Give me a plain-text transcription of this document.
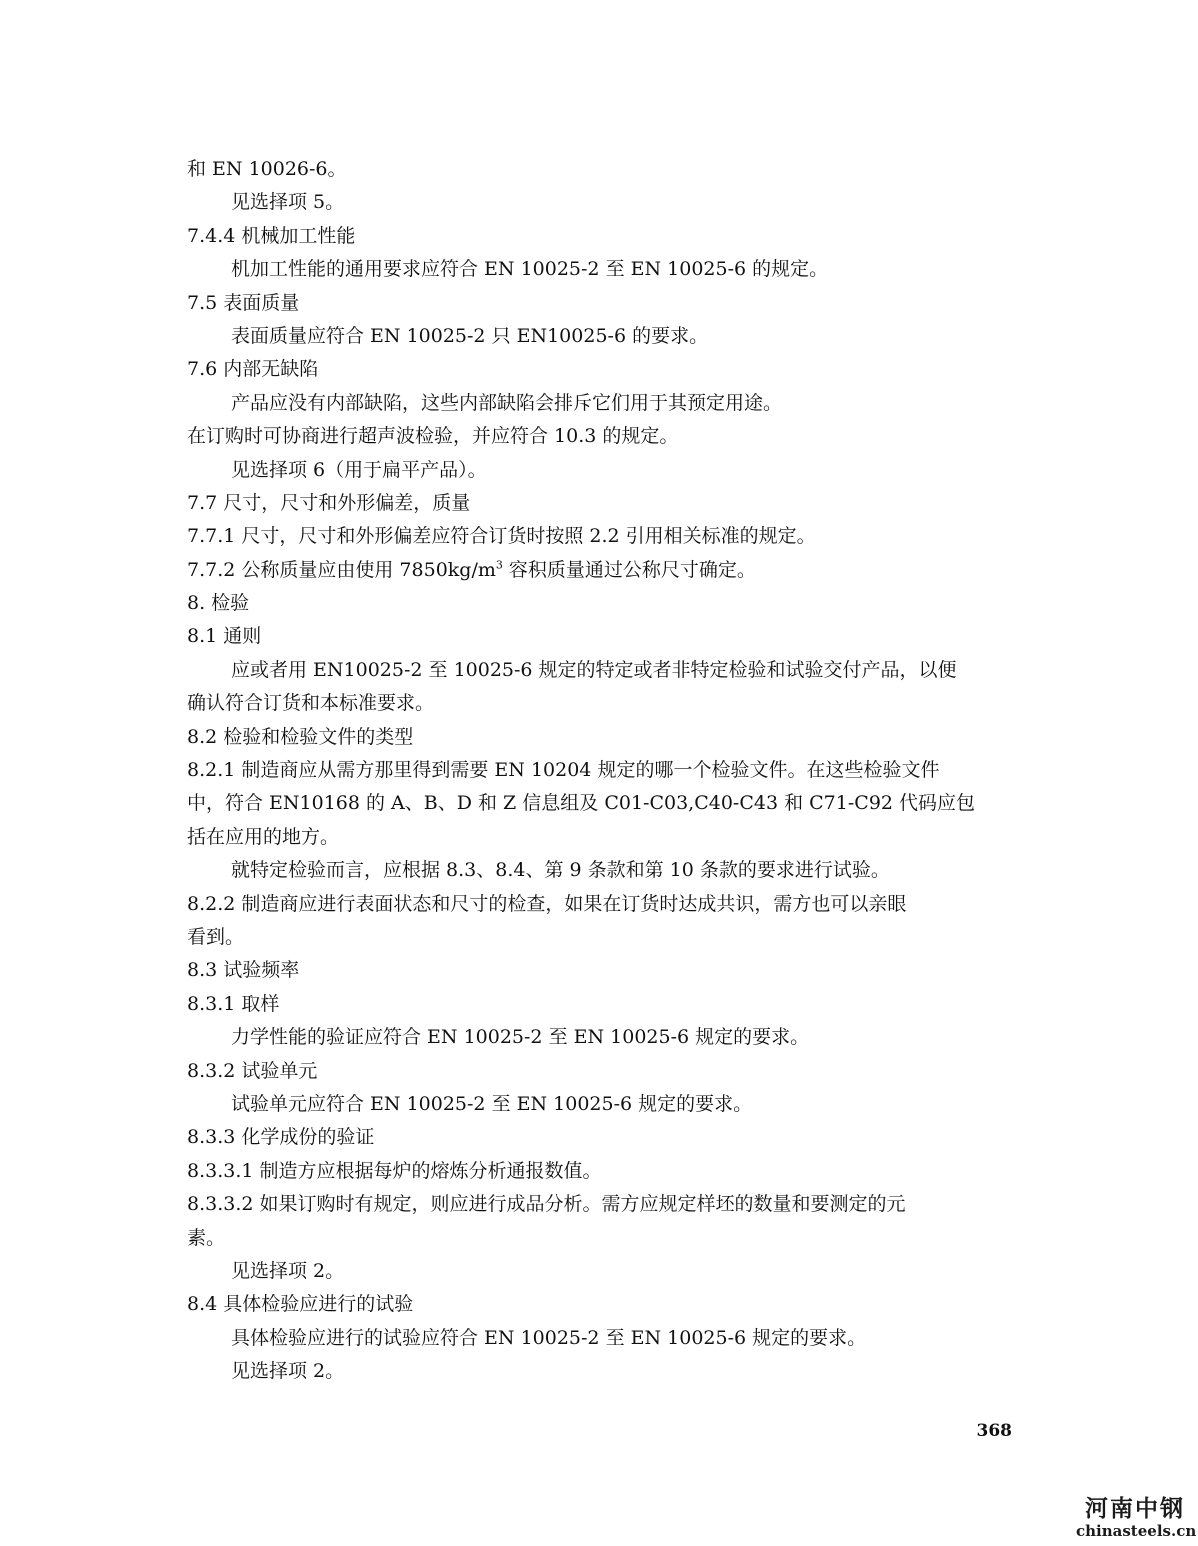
和 EN 10026-6。
见选择项 5。
7.4.4 机械加工性能
机加工性能的通用要求应符合 EN 10025-2 至 EN 10025-6 的规定。
7.5 表面质量
表面质量应符合 EN 10025-2 只 EN10025-6 的要求。
7.6 内部无缺陷
产品应没有内部缺陷，这些内部缺陷会排斥它们用于其预定用途。
在订购时可协商进行超声波检验，并应符合 10.3 的规定。
见选择项 6（用于扁平产品）。
7.7 尺寸，尺寸和外形偏差，质量
7.7.1 尺寸，尺寸和外形偏差应符合订货时按照 2.2 引用相关标准的规定。
7.7.2 公称质量应由使用 $7850kg/m^3$ 容积质量通过公称尺寸确定。
8. 检验
8.1 通则
应或者用 EN10025-2 至 10025-6 规定的特定或者非特定检验和试验交付产品，以便
确认符合订货和本标准要求。
8.2 检验和检验文件的类型
8.2.1 制造商应从需方那里得到需要 EN 10204 规定的哪一个检验文件。在这些检验文件
中，符合 EN10168 的 A、B、D 和 Z 信息组及 C01-C03,C40-C43 和 C71-C92 代码应包
括在应用的地方。
就特定检验而言，应根据 8.3、8.4、第 9 条款和第 10 条款的要求进行试验。
8.2.2 制造商应进行表面状态和尺寸的检查，如果在订货时达成共识，需方也可以亲眼
看到。
8.3 试验频率
8.3.1 取样
力学性能的验证应符合 EN 10025-2 至 EN 10025-6 规定的要求。
8.3.2 试验单元
试验单元应符合 EN 10025-2 至 EN 10025-6 规定的要求。
8.3.3 化学成份的验证
8.3.3.1 制造方应根据每炉的熔炼分析通报数值。
8.3.3.2 如果订购时有规定，则应进行成品分析。需方应规定样坯的数量和要测定的元
素。
见选择项 2。
8.4 具体检验应进行的试验
具体检验应进行的试验应符合 EN 10025-2 至 EN 10025-6 规定的要求。
见选择项 2。
368
河南中钢
chinasteels.cn
